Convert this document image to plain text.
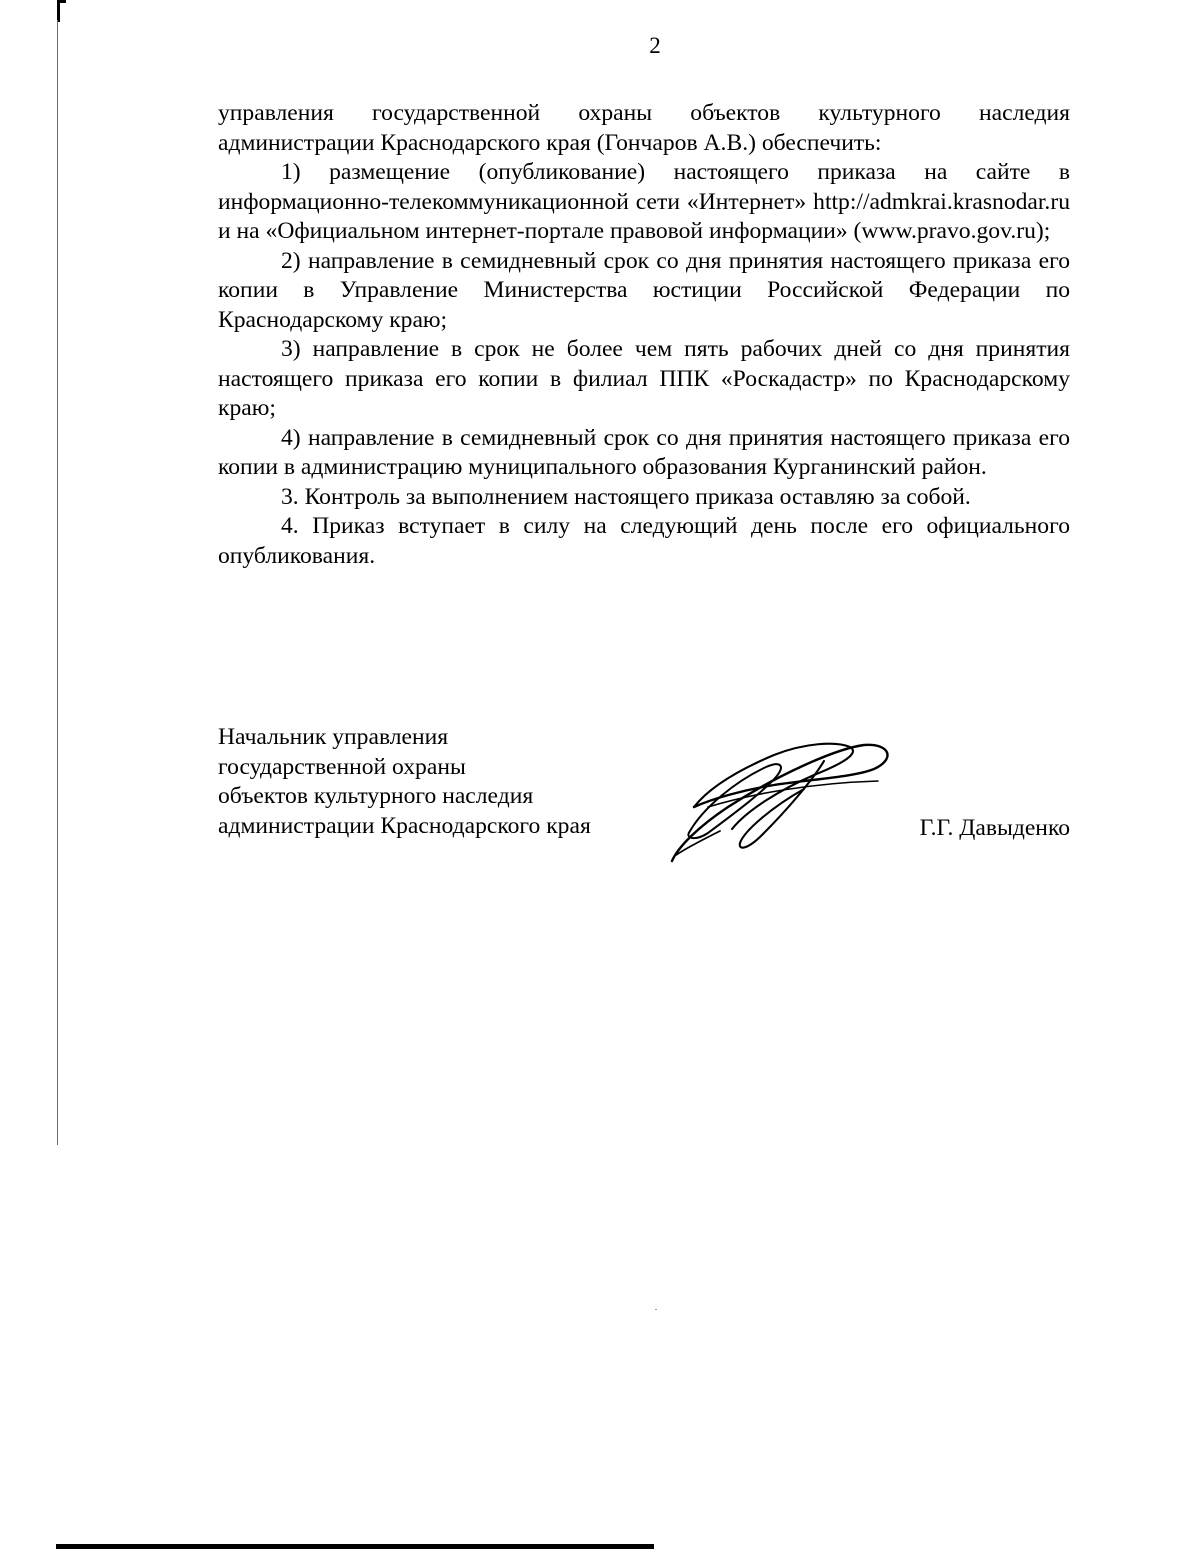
2

управления государственной охраны объектов культурного наследия администрации Краснодарского края (Гончаров А.В.) обеспечить:

1) размещение (опубликование) настоящего приказа на сайте в информационно-телекоммуникационной сети «Интернет» http://admkrai.krasnodar.ru и на «Официальном интернет-портале правовой информации» (www.pravo.gov.ru);

2) направление в семидневный срок со дня принятия настоящего приказа его копии в Управление Министерства юстиции Российской Федерации по Краснодарскому краю;

3) направление в срок не более чем пять рабочих дней со дня принятия настоящего приказа его копии в филиал ППК «Роскадастр» по Краснодарскому краю;

4) направление в семидневный срок со дня принятия настоящего приказа его копии в администрацию муниципального образования Курганинский район.

3. Контроль за выполнением настоящего приказа оставляю за собой.

4. Приказ вступает в силу на следующий день после его официального опубликования.

Начальник управления
государственной охраны
объектов культурного наследия
администрации Краснодарского края	Г.Г. Давыденко
